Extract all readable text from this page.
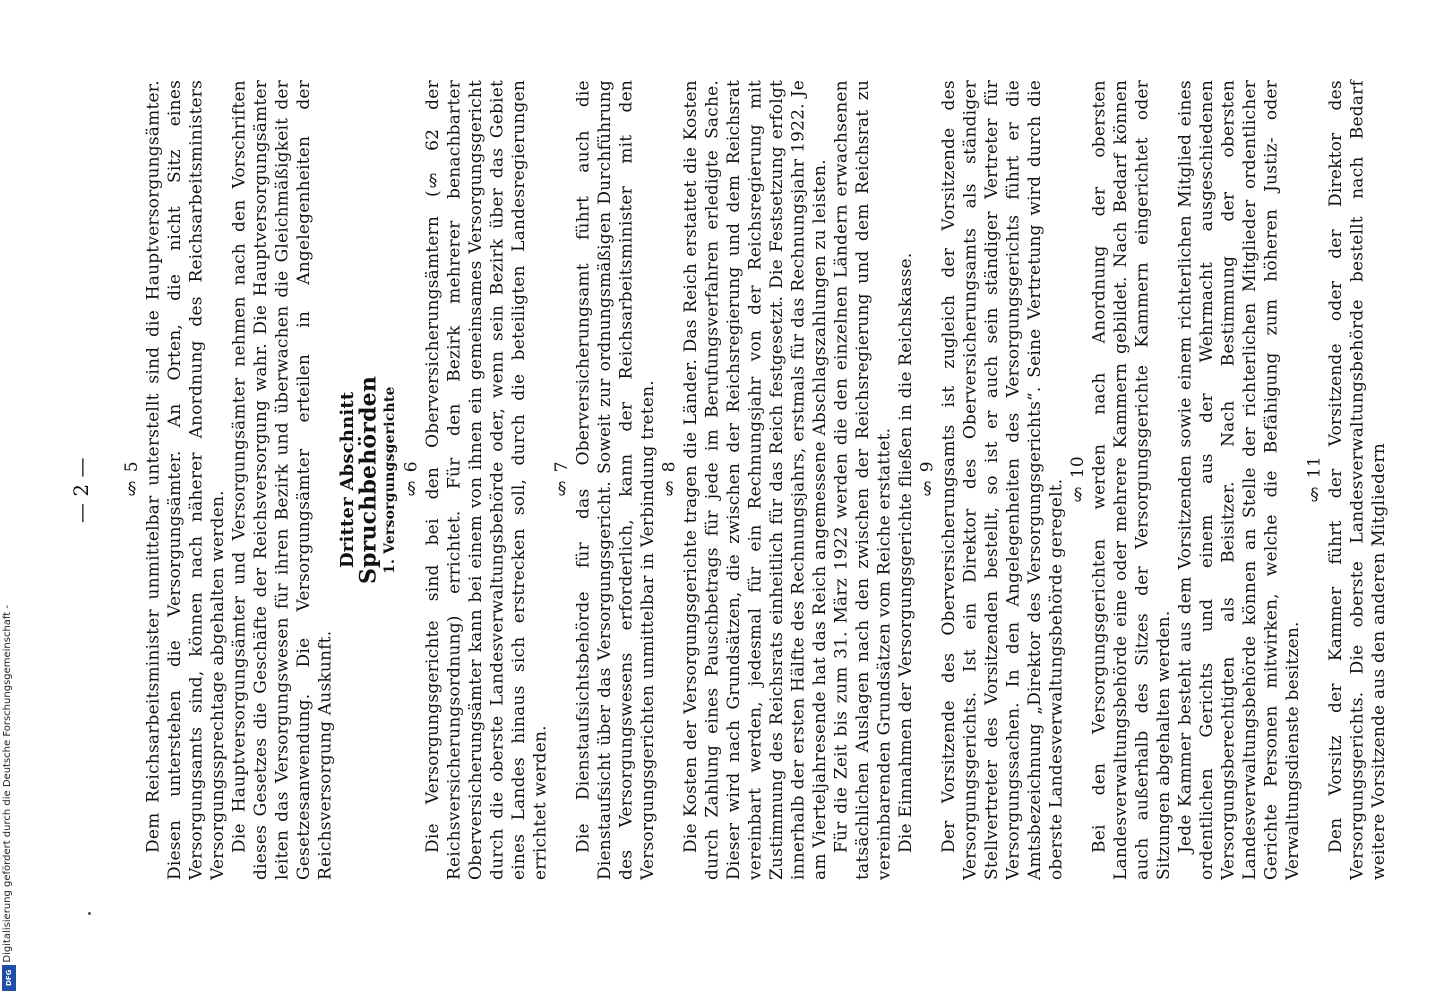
— 2 —	§ 5 Dem Reichsarbeitsminister unmittelbar unterstellt sind die Hauptversorgungsämter. Diesen unterstehen die Versorgungsämter. An Orten, die nicht Sitz eines Versorgungsamts sind, können nach näherer Anordnung des Reichsarbeitsministers Versorgungssprechtage abgehalten werden. Die Hauptversorgungsämter und Versorgungsämter nehmen nach den Vorschriften dieses Gesetzes die Geschäfte der Reichsversorgung wahr. Die Hauptversorgungsämter leiten das Versorgungswesen für ihren Bezirk und überwachen die Gleichmäßigkeit der Gesetzesanwendung. Die Versorgungsämter erteilen in Angelegenheiten der Reichsversorgung Auskunft.

Dritter Abschnitt

Spruchbehörden 1. Versorgungsgerichte § 6 Die Versorgungsgerichte sind bei den Oberversicherungsämtern (§ 62 der Reichsversicherungsordnung) errichtet. Für den Bezirk mehrerer benachbarter Oberversicherungsämter kann bei einem von ihnen ein gemeinsames Versorgungsgericht durch die oberste Landesverwaltungsbehörde oder, wenn sein Bezirk über das Gebiet eines Landes hinaus sich erstrecken soll, durch die beteiligten Landesregierungen errichtet werden.

§ 7 Die Dienstaufsichtsbehörde für das Oberversicherungsamt führt auch die Dienstaufsicht über das Versorgungsgericht. Soweit zur ordnungsmäßigen Durchführung des Versorgungswesens erforderlich, kann der Reichsarbeitsminister mit den Versorgungsgerichten unmittelbar in Verbindung treten. § 8 Die Kosten der Versorgungsgerichte tragen die Länder. Das Reich erstattet die Kosten durch Zahlung eines Pauschbetrags für jede im Berufungsverfahren erledigte Sache. Dieser wird nach Grundsätzen, die zwischen der Reichsregierung und dem Reichsrat vereinbart werden, jedesmal für ein Rechnungsjahr von der Reichsregierung mit Zustimmung des Reichsrats einheitlich für das Reich festgesetzt. Die Festsetzung erfolgt innerhalb der ersten Hälfte des Rechnungsjahrs, erstmals für das Rechnungsjahr 1922. Je am Vierteljahresende hat das Reich angemessene Abschlagszahlungen zu leisten. Für die Zeit bis zum 31. März 1922 werden die den einzelnen Ländern erwachsenen tatsächlichen Auslagen nach den zwischen der Reichsregierung und dem Reichsrat zu vereinbarenden Grundsätzen vom Reiche erstattet. Die Einnahmen der Versorgungsgerichte fließen in die Reichskasse. § 9 Der Vorsitzende des Oberversicherungsamts ist zugleich der Vorsitzende des Versorgungsgerichts. Ist ein Direktor des Oberversicherungsamts als ständiger Stellvertreter des Vorsitzenden bestellt, so ist er auch sein ständiger Vertreter für Versorgungssachen. In den Angelegenheiten des Versorgungsgerichts führt er die Amtsbezeichnung „Direktor des Versorgungsgerichts“. Seine Vertretung wird durch die oberste Landesverwaltungsbehörde geregelt. § 10 Bei den Versorgungsgerichten werden nach Anordnung der obersten Landesverwaltungsbehörde eine oder mehrere Kammern gebildet. Nach Bedarf können auch außerhalb des Sitzes der Versorgungsgerichte Kammern eingerichtet oder Sitzungen abgehalten werden. Jede Kammer besteht aus dem Vorsitzenden sowie einem richterlichen Mitglied eines ordentlichen Gerichts und einem aus der Wehrmacht ausgeschiedenen Versorgungsberechtigten als Beisitzer. Nach Bestimmung der obersten Landesverwaltungsbehörde können an Stelle der richterlichen Mitglieder ordentlicher Gerichte Personen mitwirken, welche die Befähigung zum höheren Justiz- oder Verwaltungsdienste besitzen.

§ 11 Den Vorsitz der Kammer führt der Vorsitzende oder der Direktor des Versorgungsgerichts. Die oberste Landesverwaltungsbehörde bestellt nach Bedarf weitere Vorsitzende aus den anderen Mitgliedern

Digitalisierung gefördert durch die Deutsche Forschungsgemeinschaft -
DFG
